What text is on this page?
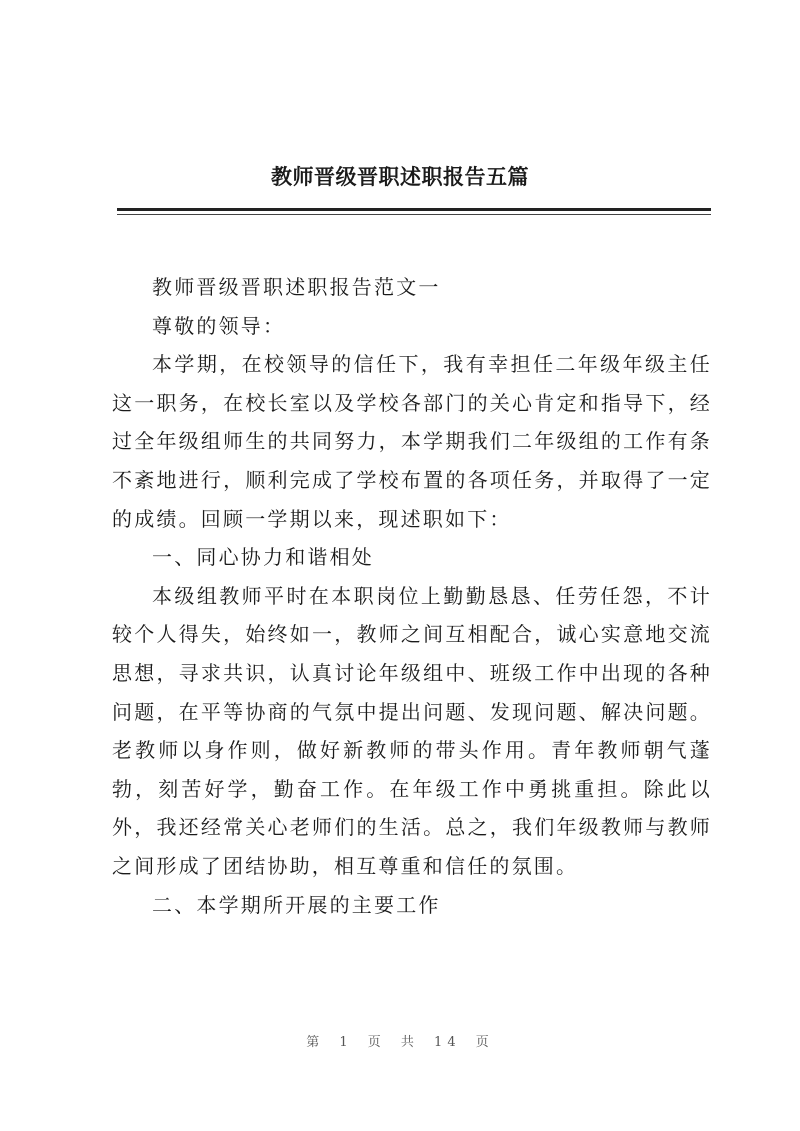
教师晋级晋职述职报告五篇

教师晋级晋职述职报告范文一

尊敬的领导：

本学期，在校领导的信任下，我有幸担任二年级年级主任这一职务，在校长室以及学校各部门的关心肯定和指导下，经过全年级组师生的共同努力，本学期我们二年级组的工作有条不紊地进行，顺利完成了学校布置的各项任务，并取得了一定的成绩。回顾一学期以来，现述职如下：

一、同心协力和谐相处

本级组教师平时在本职岗位上勤勤恳恳、任劳任怨，不计较个人得失，始终如一，教师之间互相配合，诚心实意地交流思想，寻求共识，认真讨论年级组中、班级工作中出现的各种问题，在平等协商的气氛中提出问题、发现问题、解决问题。老教师以身作则，做好新教师的带头作用。青年教师朝气蓬勃，刻苦好学，勤奋工作。在年级工作中勇挑重担。除此以外，我还经常关心老师们的生活。总之，我们年级教师与教师之间形成了团结协助，相互尊重和信任的氛围。

二、本学期所开展的主要工作

第 1 页 共 14 页
